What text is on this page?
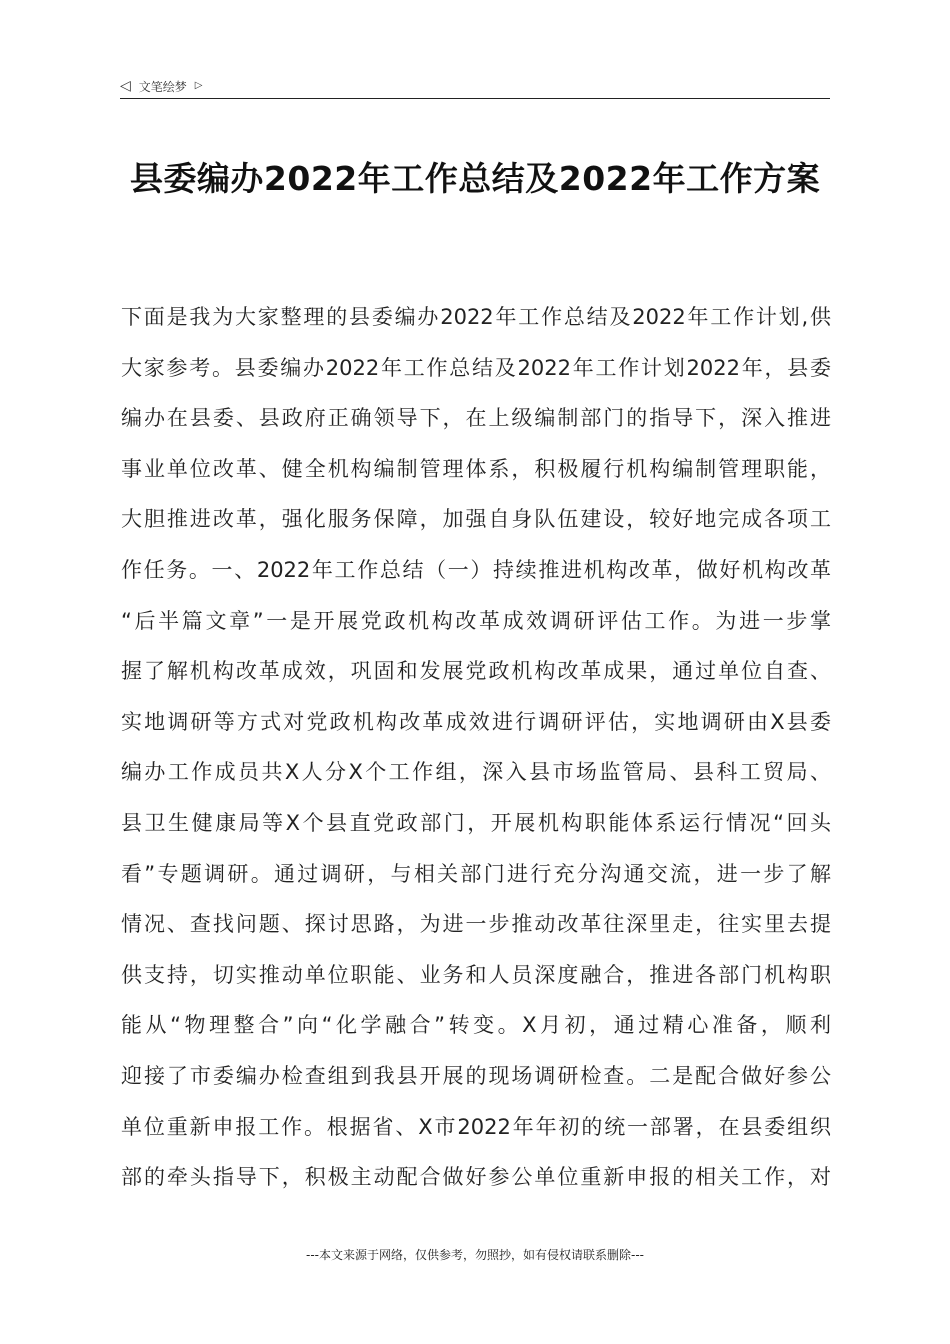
◁ 文笔绘梦 ▷
县委编办2022年工作总结及2022年工作方案
下面是我为大家整理的县委编办2022年工作总结及2022年工作计划,供
大家参考。县委编办2022年工作总结及2022年工作计划2022年，县委
编办在县委、县政府正确领导下，在上级编制部门的指导下，深入推进
事业单位改革、健全机构编制管理体系，积极履行机构编制管理职能，
大胆推进改革，强化服务保障，加强自身队伍建设，较好地完成各项工
作任务。一、2022年工作总结（一）持续推进机构改革，做好机构改革
“后半篇文章”一是开展党政机构改革成效调研评估工作。为进一步掌
握了解机构改革成效，巩固和发展党政机构改革成果，通过单位自查、
实地调研等方式对党政机构改革成效进行调研评估，实地调研由X县委
编办工作成员共X人分X个工作组，深入县市场监管局、县科工贸局、
县卫生健康局等X个县直党政部门，开展机构职能体系运行情况“回头
看”专题调研。通过调研，与相关部门进行充分沟通交流，进一步了解
情况、查找问题、探讨思路，为进一步推动改革往深里走，往实里去提
供支持，切实推动单位职能、业务和人员深度融合，推进各部门机构职
能从“物理整合”向“化学融合”转变。X月初，通过精心准备，顺利
迎接了市委编办检查组到我县开展的现场调研检查。二是配合做好参公
单位重新申报工作。根据省、X市2022年年初的统一部署，在县委组织
部的牵头指导下，积极主动配合做好参公单位重新申报的相关工作，对
---本文来源于网络，仅供参考，勿照抄，如有侵权请联系删除---
